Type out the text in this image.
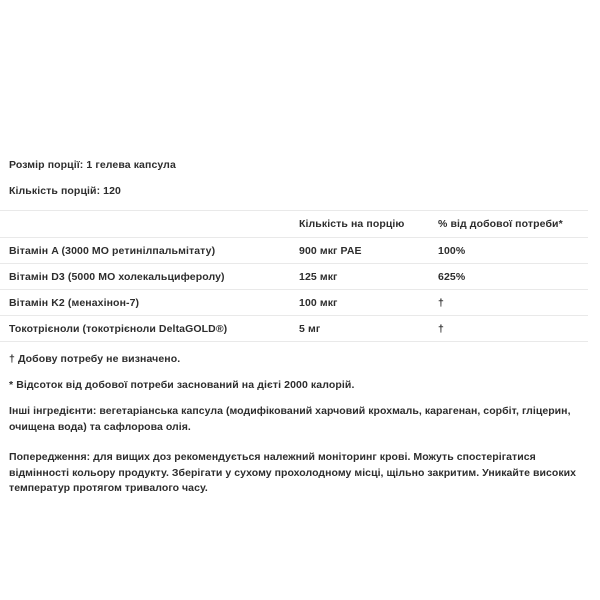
Розмір порції: 1 гелева капсула
Кількість порцій: 120
	Кількість на порцію	% від добової потреби*
Вітамін A (3000 МО ретинілпальмітату)	900 мкг PAE	100%
Вітамін D3 (5000 МО холекальциферолу)	125 мкг	625%
Вітамін K2 (менахінон-7)	100 мкг	†
Токотрієноли (токотрієноли DeltaGOLD®)	5 мг	†
† Добову потребу не визначено.
* Відсоток від добової потреби заснований на дієті 2000 калорій.

Інші інгредієнти: вегетаріанська капсула (модифікований харчовий крохмаль, карагенан, сорбіт, гліцерин, очищена вода) та сафлорова олія.

Попередження: для вищих доз рекомендується належний моніторинг крові. Можуть спостерігатися відмінності кольору продукту. Зберігати у сухому прохолодному місці, щільно закритим. Уникайте високих температур протягом тривалого часу.
